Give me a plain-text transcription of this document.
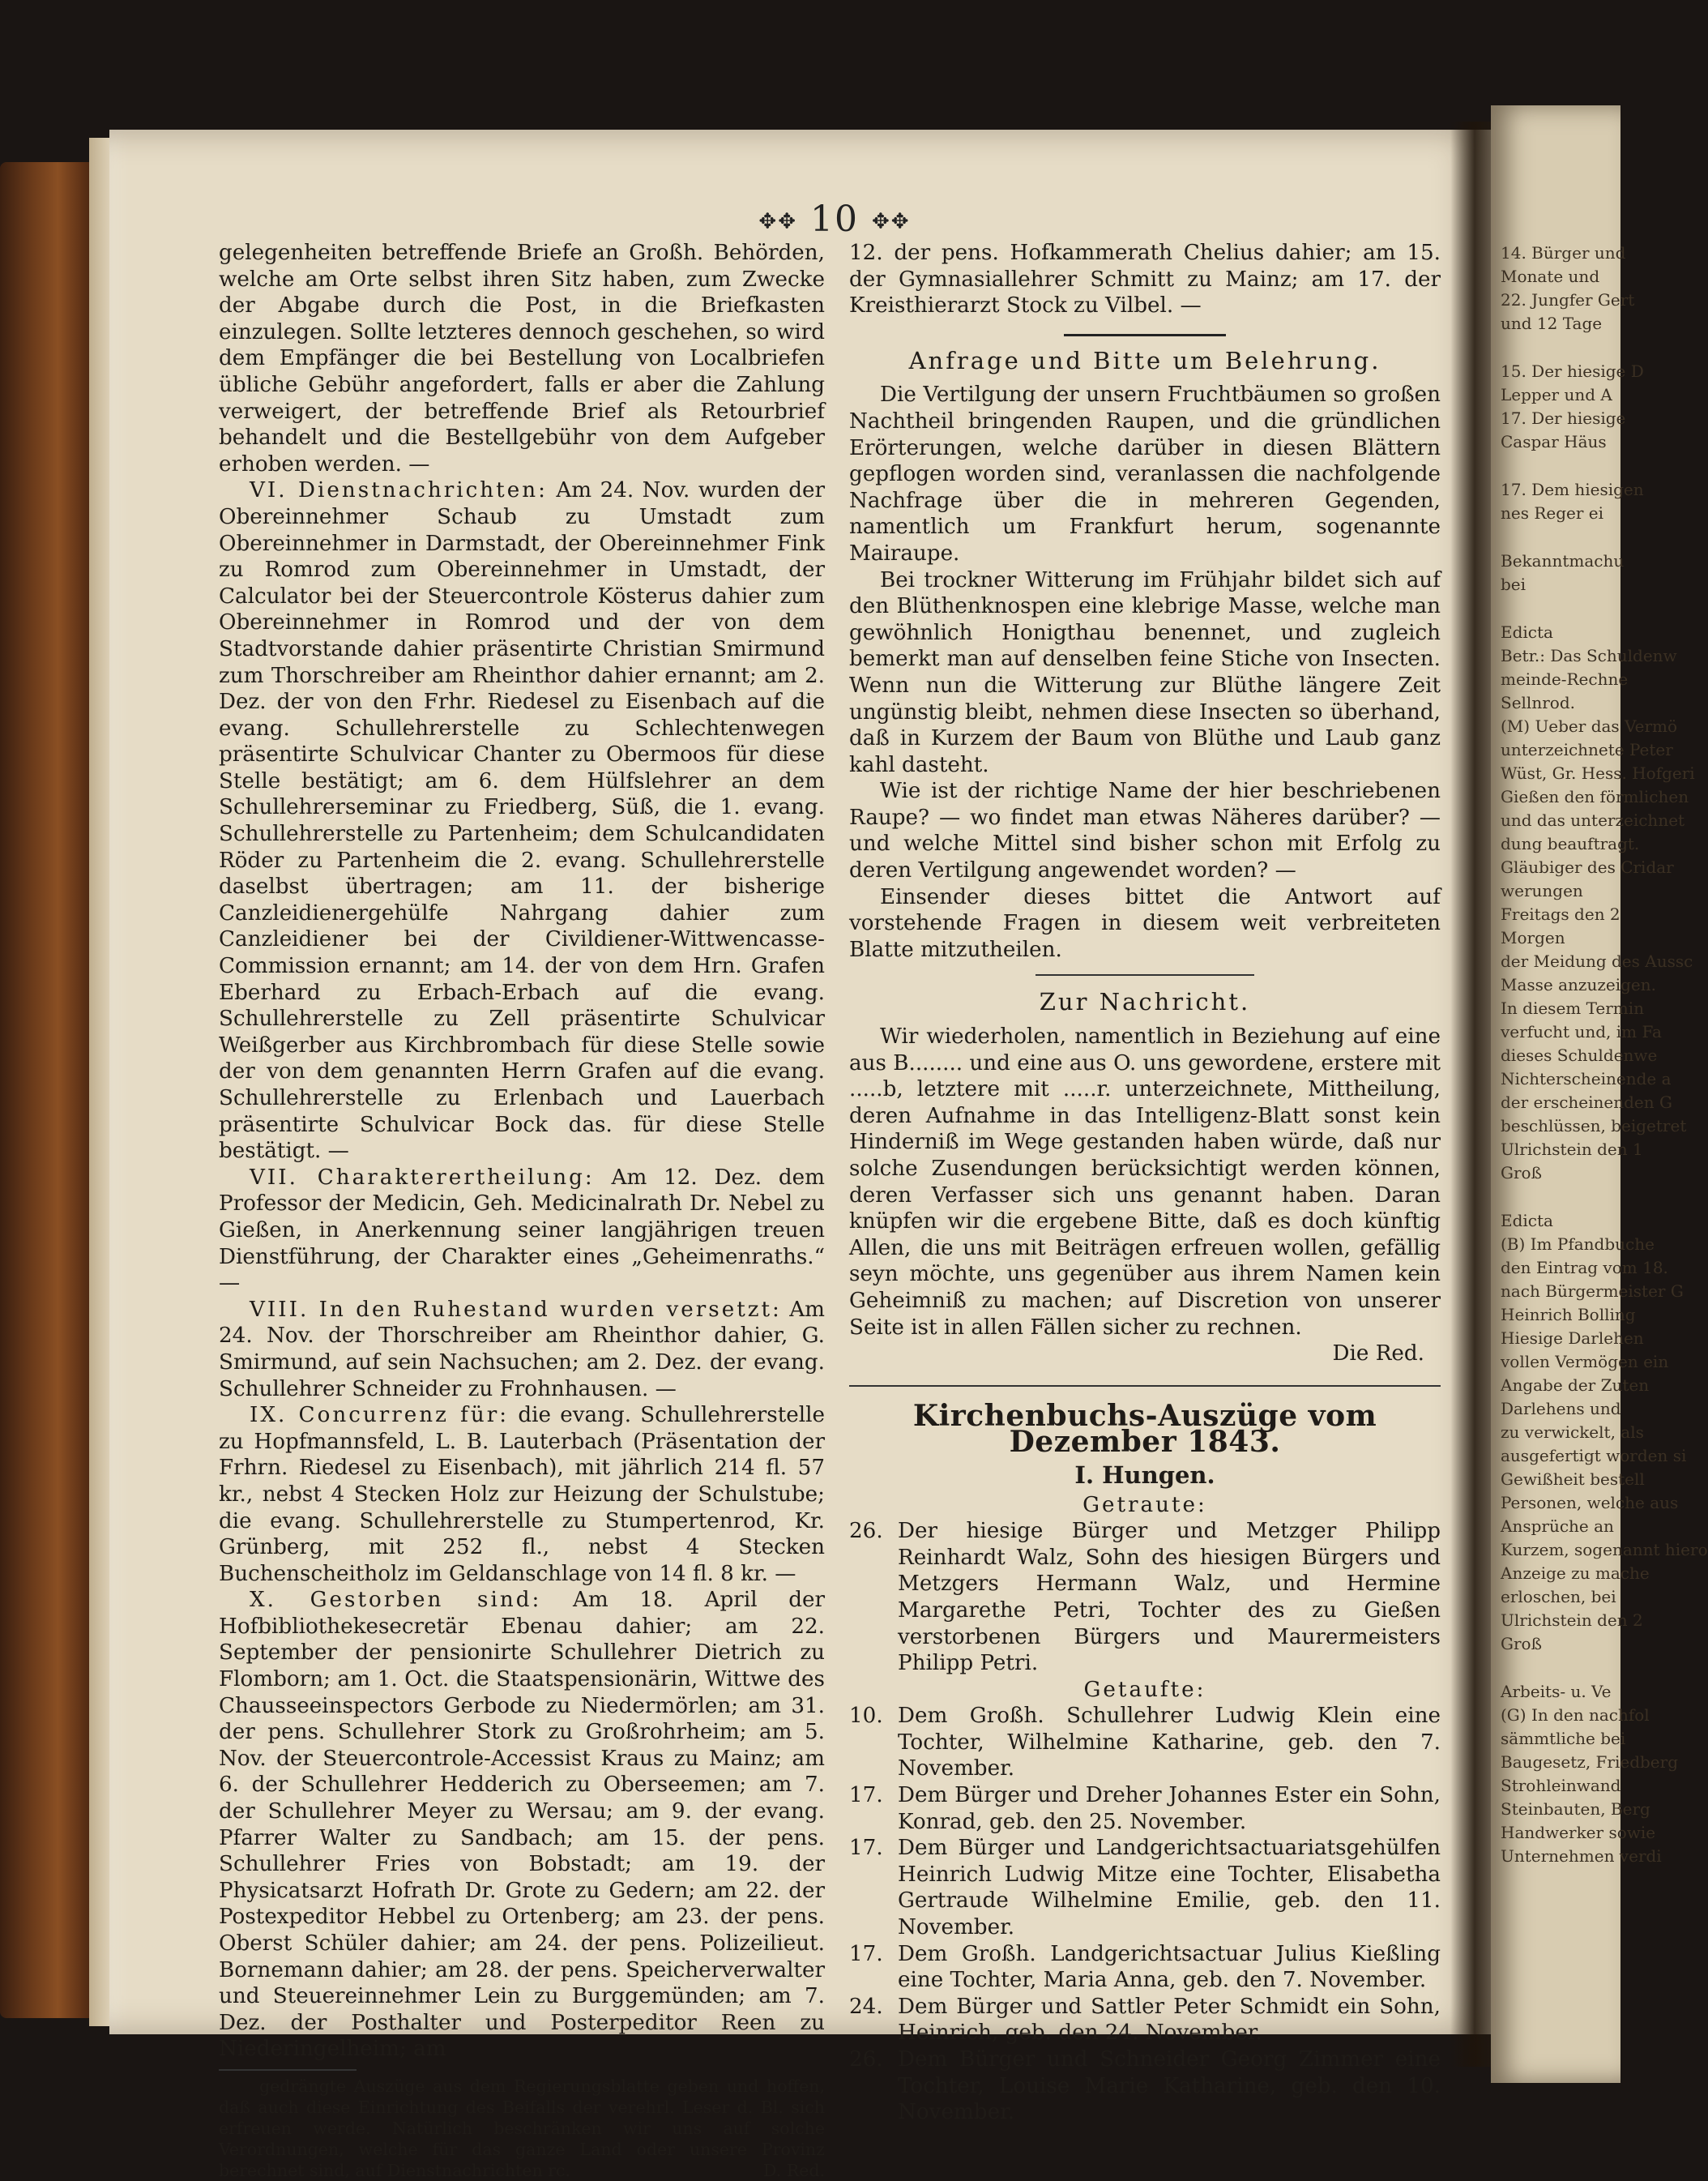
14. Bürger und
Monate und
22. Jungfer Gert
und 12 Tage
15. Der hiesige D
Lepper und A
17. Der hiesige
Caspar Häus
17. Dem hiesigen
nes Reger ei
Bekanntmachu
bei
Edicta
Betr.: Das Schuldenw
meinde-Rechne
Sellnrod.
(M) Ueber das Vermö
unterzeichnete Peter
Wüst, Gr. Hess. Hofgeri
Gießen den förmlichen
und das unterzeichnet
dung beauftragt.
Gläubiger des Cridar
werungen
Freitags den 2
Morgen
der Meidung des Aussc
Masse anzuzeigen.
In diesem Termin
verfucht und, im Fa
dieses Schuldenwe
Nichterscheinende a
der erscheinenden G
beschlüssen, beigetret
Ulrichstein den 1
Groß
Edicta
(B) Im Pfandbuche
den Eintrag vom 18.
nach Bürgermeister G
Heinrich Bolling
Hiesige Darlehen
vollen Vermögen ein
Angabe der Zuten
Darlehens und
zu verwickelt, als
ausgefertigt worden si
Gewißheit bestell
Personen, welche aus
Ansprüche an
Kurzem, sogenannt hiero
Anzeige zu mache
erloschen, bei
Ulrichstein den 2
Groß
Arbeits- u. Ve
(G) In den nachfol
sämmtliche bei
Baugesetz, Friedberg
Strohleinwand
Steinbauten, Berg
Handwerker sowie
Unternehmen verdi
✥✥ 10 ✥✥

gelegenheiten betreffende Briefe an Großh. Behörden, welche am Orte selbst ihren Sitz haben, zum Zwecke der Abgabe durch die Post, in die Briefkasten einzulegen. Sollte letzteres dennoch geschehen, so wird dem Empfänger die bei Bestellung von Localbriefen übliche Gebühr angefordert, falls er aber die Zahlung verweigert, der betreffende Brief als Retourbrief behandelt und die Bestellgebühr von dem Aufgeber erhoben werden. —

VI. Dienstnachrichten: Am 24. Nov. wurden der Obereinnehmer Schaub zu Umstadt zum Obereinnehmer in Darmstadt, der Obereinnehmer Fink zu Romrod zum Obereinnehmer in Umstadt, der Calculator bei der Steuercontrole Kösterus dahier zum Obereinnehmer in Romrod und der von dem Stadtvorstande dahier präsentirte Christian Smirmund zum Thorschreiber am Rheinthor dahier ernannt; am 2. Dez. der von den Frhr. Riedesel zu Eisenbach auf die evang. Schullehrerstelle zu Schlechtenwegen präsentirte Schulvicar Chanter zu Obermoos für diese Stelle bestätigt; am 6. dem Hülfslehrer an dem Schullehrerseminar zu Friedberg, Süß, die 1. evang. Schullehrerstelle zu Partenheim; dem Schulcandidaten Röder zu Partenheim die 2. evang. Schullehrerstelle daselbst übertragen; am 11. der bisherige Canzleidienergehülfe Nahrgang dahier zum Canzleidiener bei der Civildiener-Wittwencasse-Commission ernannt; am 14. der von dem Hrn. Grafen Eberhard zu Erbach-Erbach auf die evang. Schullehrerstelle zu Zell präsentirte Schulvicar Weißgerber aus Kirchbrombach für diese Stelle sowie der von dem genannten Herrn Grafen auf die evang. Schullehrerstelle zu Erlenbach und Lauerbach präsentirte Schulvicar Bock das. für diese Stelle bestätigt. —

VII. Charakterertheilung: Am 12. Dez. dem Professor der Medicin, Geh. Medicinalrath Dr. Nebel zu Gießen, in Anerkennung seiner langjährigen treuen Dienstführung, der Charakter eines „Geheimenraths.“ —

VIII. In den Ruhestand wurden versetzt: Am 24. Nov. der Thorschreiber am Rheinthor dahier, G. Smirmund, auf sein Nachsuchen; am 2. Dez. der evang. Schullehrer Schneider zu Frohnhausen. —

IX. Concurrenz für: die evang. Schullehrerstelle zu Hopfmannsfeld, L. B. Lauterbach (Präsentation der Frhrn. Riedesel zu Eisenbach), mit jährlich 214 fl. 57 kr., nebst 4 Stecken Holz zur Heizung der Schulstube; die evang. Schullehrerstelle zu Stumpertenrod, Kr. Grünberg, mit 252 fl., nebst 4 Stecken Buchenscheitholz im Geldanschlage von 14 fl. 8 kr. —

X. Gestorben sind: Am 18. April der Hofbibliothekesecretär Ebenau dahier; am 22. September der pensionirte Schullehrer Dietrich zu Flomborn; am 1. Oct. die Staatspensionärin, Wittwe des Chausseeinspectors Gerbode zu Niedermörlen; am 31. der pens. Schullehrer Stork zu Großrohrheim; am 5. Nov. der Steuercontrole-Accessist Kraus zu Mainz; am 6. der Schullehrer Hedderich zu Oberseemen; am 7. der Schullehrer Meyer zu Wersau; am 9. der evang. Pfarrer Walter zu Sandbach; am 15. der pens. Schullehrer Fries von Bobstadt; am 19. der Physicatsarzt Hofrath Dr. Grote zu Gedern; am 22. der Postexpeditor Hebbel zu Ortenberg; am 23. der pens. Oberst Schüler dahier; am 24. der pens. Polizeilieut. Bornemann dahier; am 28. der pens. Speicherverwalter und Steuereinnehmer Lein zu Burggemünden; am 7. Dez. der Posthalter und Posterpeditor Reen zu Niederingelheim; am

gedrängte Auszüge aus dem Regierungsblatte geben und hoffen, daß auch diese Einrichtung des Beifalls der verehrl. Leser d. Bl. sich erfreuen werde. Natürlich beschränken wir uns auf solche Verordnungen, welche für das ganze Land oder unsere Provinz berechnet sind, auf Dienstnachrichten rc.	D. Red.

12. der pens. Hofkammerath Chelius dahier; am 15. der Gymnasiallehrer Schmitt zu Mainz; am 17. der Kreisthierarzt Stock zu Vilbel. —

Anfrage und Bitte um Belehrung.

Die Vertilgung der unsern Fruchtbäumen so großen Nachtheil bringenden Raupen, und die gründlichen Erörterungen, welche darüber in diesen Blättern gepflogen worden sind, veranlassen die nachfolgende Nachfrage über die in mehreren Gegenden, namentlich um Frankfurt herum, sogenannte Mairaupe.

Bei trockner Witterung im Frühjahr bildet sich auf den Blüthenknospen eine klebrige Masse, welche man gewöhnlich Honigthau benennet, und zugleich bemerkt man auf denselben feine Stiche von Insecten. Wenn nun die Witterung zur Blüthe längere Zeit ungünstig bleibt, nehmen diese Insecten so überhand, daß in Kurzem der Baum von Blüthe und Laub ganz kahl dasteht.

Wie ist der richtige Name der hier beschriebenen Raupe? — wo findet man etwas Näheres darüber? — und welche Mittel sind bisher schon mit Erfolg zu deren Vertilgung angewendet worden? —

Einsender dieses bittet die Antwort auf vorstehende Fragen in diesem weit verbreiteten Blatte mitzutheilen.

Zur Nachricht.

Wir wiederholen, namentlich in Beziehung auf eine aus B........ und eine aus O. uns gewordene, erstere mit .....b, letztere mit .....r. unterzeichnete, Mittheilung, deren Aufnahme in das Intelligenz-Blatt sonst kein Hinderniß im Wege gestanden haben würde, daß nur solche Zusendungen berücksichtigt werden können, deren Verfasser sich uns genannt haben. Daran knüpfen wir die ergebene Bitte, daß es doch künftig Allen, die uns mit Beiträgen erfreuen wollen, gefällig seyn möchte, uns gegenüber aus ihrem Namen kein Geheimniß zu machen; auf Discretion von unserer Seite ist in allen Fällen sicher zu rechnen.

Die Red.

Kirchenbuchs-Auszüge vom Dezember 1843.
I. Hungen.
Getraute:
26. Der hiesige Bürger und Metzger Philipp Reinhardt Walz, Sohn des hiesigen Bürgers und Metzgers Hermann Walz, und Hermine Margarethe Petri, Tochter des zu Gießen verstorbenen Bürgers und Maurermeisters Philipp Petri.
Getaufte:
10. Dem Großh. Schullehrer Ludwig Klein eine Tochter, Wilhelmine Katharine, geb. den 7. November.
17. Dem Bürger und Dreher Johannes Ester ein Sohn, Konrad, geb. den 25. November.
17. Dem Bürger und Landgerichtsactuariatsgehülfen Heinrich Ludwig Mitze eine Tochter, Elisabetha Gertraude Wilhelmine Emilie, geb. den 11. November.
17. Dem Großh. Landgerichtsactuar Julius Kießling eine Tochter, Maria Anna, geb. den 7. November.
24. Dem Bürger und Sattler Peter Schmidt ein Sohn, Heinrich, geb. den 24. November.
26. Dem Bürger und Schneider Georg Zimmer eine Tochter, Louise Marie Katharine, geb. den 10. November.
